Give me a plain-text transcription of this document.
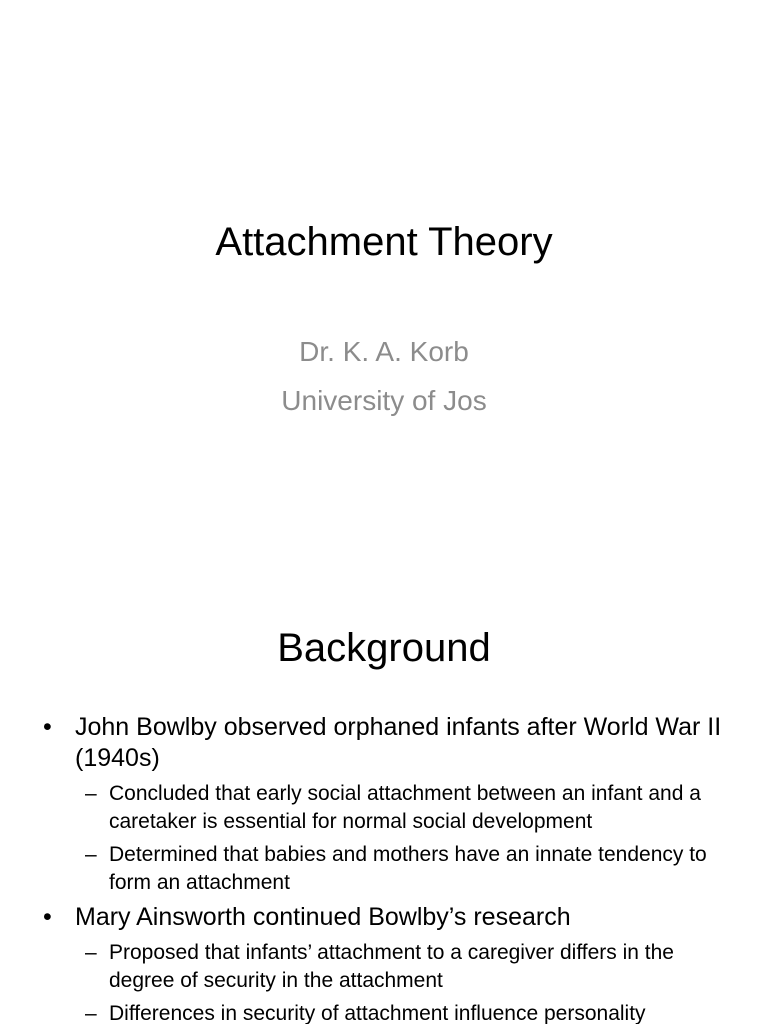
Attachment Theory
Dr. K. A. Korb
University of Jos
Background
• John Bowlby observed orphaned infants after World War II (1940s)
– Concluded that early social attachment between an infant and a caretaker is essential for normal social development
– Determined that babies and mothers have an innate tendency to form an attachment
• Mary Ainsworth continued Bowlby’s research
– Proposed that infants’ attachment to a caregiver differs in the degree of security in the attachment
– Differences in security of attachment influence personality
